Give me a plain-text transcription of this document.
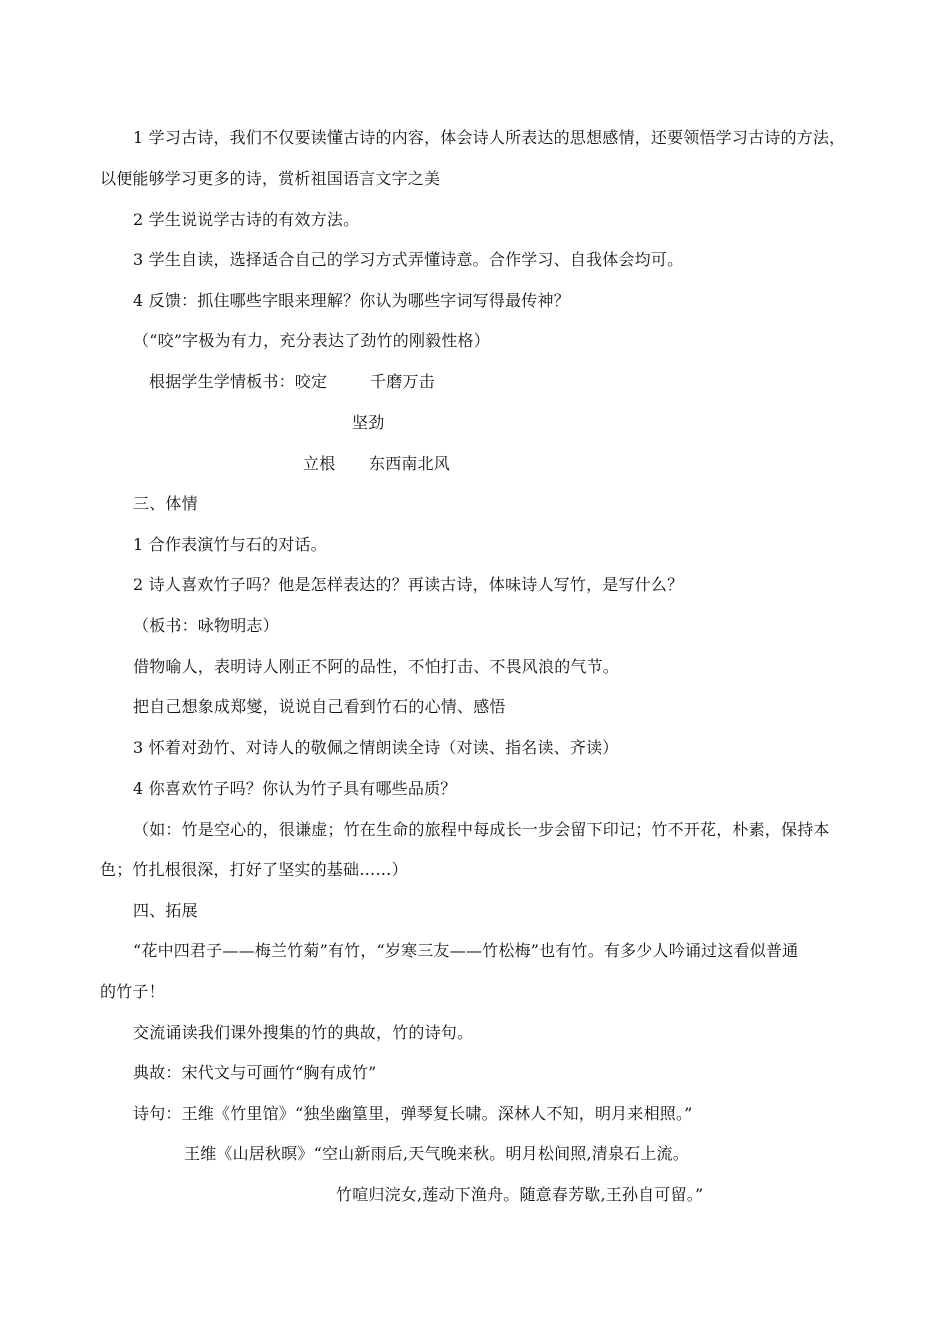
1 学习古诗，我们不仅要读懂古诗的内容，体会诗人所表达的思想感情，还要领悟学习古诗的方法，
以便能够学习更多的诗，赏析祖国语言文字之美
2 学生说说学古诗的有效方法。
3 学生自读，选择适合自己的学习方式弄懂诗意。合作学习、自我体会均可。
4 反馈：抓住哪些字眼来理解？你认为哪些字词写得最传神？
（“咬”字极为有力，充分表达了劲竹的刚毅性格）
根据学生学情板书：咬定	千磨万击
坚劲
立根 东西南北风
三、体情
1 合作表演竹与石的对话。
2 诗人喜欢竹子吗？他是怎样表达的？再读古诗，体味诗人写竹，是写什么？
（板书：咏物明志）
借物喻人，表明诗人刚正不阿的品性，不怕打击、不畏风浪的气节。
把自己想象成郑燮，说说自己看到竹石的心情、感悟
3 怀着对劲竹、对诗人的敬佩之情朗读全诗（对读、指名读、齐读）
4 你喜欢竹子吗？你认为竹子具有哪些品质？
（如：竹是空心的，很谦虚；竹在生命的旅程中每成长一步会留下印记；竹不开花，朴素，保持本
色；竹扎根很深，打好了坚实的基础……）
四、拓展
“花中四君子——梅兰竹菊”有竹，“岁寒三友——竹松梅”也有竹。有多少人吟诵过这看似普通
的竹子！
交流诵读我们课外搜集的竹的典故，竹的诗句。
典故：宋代文与可画竹“胸有成竹”
诗句：王维《竹里馆》“独坐幽篁里，弹琴复长啸。深林人不知，明月来相照。”
王维《山居秋暝》“空山新雨后,天气晚来秋。明月松间照,清泉石上流。
竹喧归浣女,莲动下渔舟。随意春芳歇,王孙自可留。”
